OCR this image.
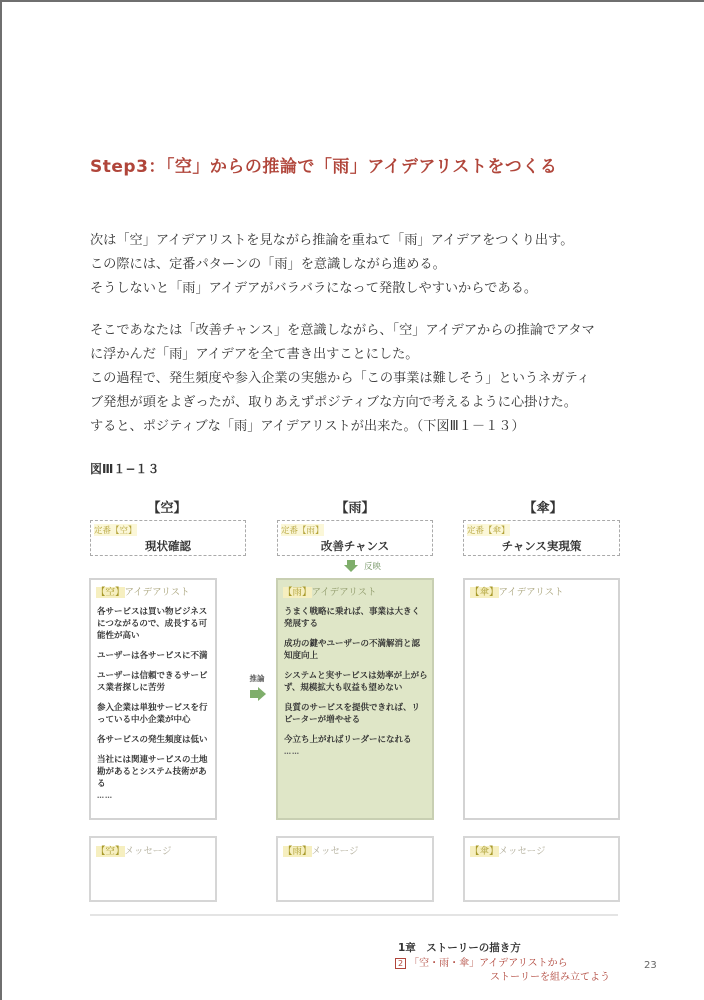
Step3：「空」からの推論で「雨」アイデアリストをつくる
次は「空」アイデアリストを見ながら推論を重ねて「雨」アイデアをつくり出す。
この際には、定番パターンの「雨」を意識しながら進める。
そうしないと「雨」アイデアがバラバラになって発散しやすいからである。
そこであなたは「改善チャンス」を意識しながら、「空」アイデアからの推論でアタマ
に浮かんだ「雨」アイデアを全て書き出すことにした。
この過程で、発生頻度や参入企業の実態から「この事業は難しそう」というネガティ
ブ発想が頭をよぎったが、取りあえずポジティブな方向で考えるように心掛けた。
すると、ポジティブな「雨」アイデアリストが出来た。（下図Ⅲ１－１３）
図Ⅲ１−１３
【空】	【雨】	【傘】
定番【空】
現状確認
定番【雨】
改善チャンス
定番【傘】
チャンス実現策
反映
【空】アイデアリスト
各サービスは買い物ビジネスにつながるので、成長する可能性が高い
ユーザーは各サービスに不満
ユーザーは信頼できるサービス業者探しに苦労
参入企業は単独サービスを行っている中小企業が中心
各サービスの発生頻度は低い
当社には関連サービスの土地勘があるとシステム技術がある
……
推論
【雨】アイデアリスト
うまく戦略に乗れば、事業は大きく発展する
成功の鍵やユーザーの不満解消と認知度向上
システムと実サービスは効率が上がらず、規模拡大も収益も望めない
良質のサービスを提供できれば、リピーターが増やせる
今立ち上がればリーダーになれる
……
【傘】アイデアリスト
【空】メッセージ	【雨】メッセージ	【傘】メッセージ
1章　ストーリーの描き方
2 「空・雨・傘」アイデアリストから
ストーリーを組み立てよう
23
